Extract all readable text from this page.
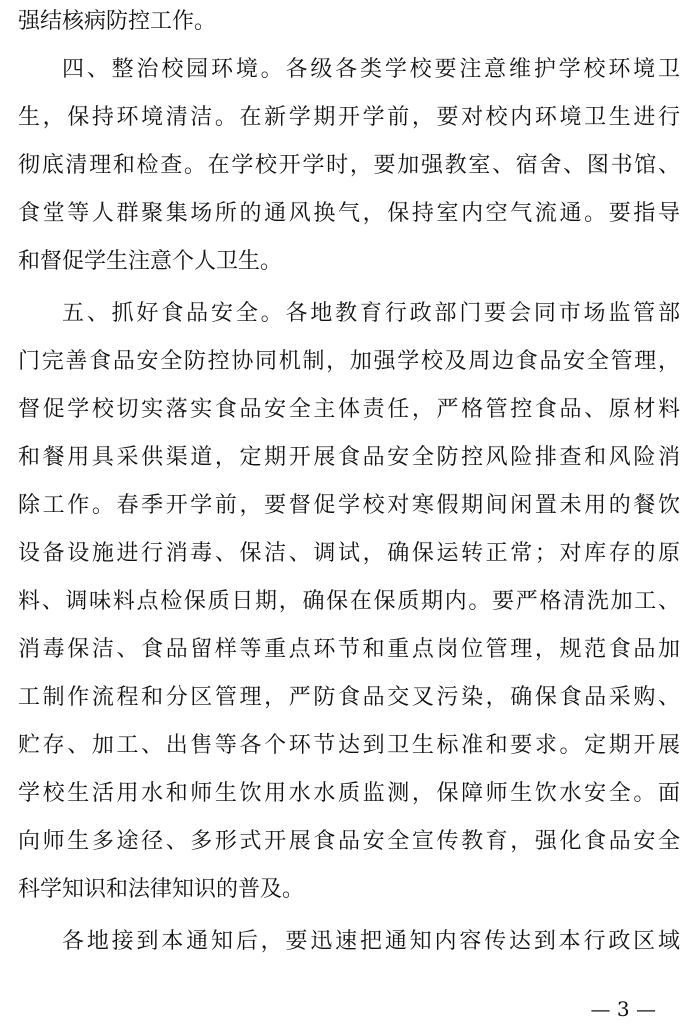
强结核病防控工作。
四、整治校园环境。各级各类学校要注意维护学校环境卫
生，保持环境清洁。在新学期开学前，要对校内环境卫生进行
彻底清理和检查。在学校开学时，要加强教室、宿舍、图书馆、
食堂等人群聚集场所的通风换气，保持室内空气流通。要指导
和督促学生注意个人卫生。
五、抓好食品安全。各地教育行政部门要会同市场监管部
门完善食品安全防控协同机制，加强学校及周边食品安全管理，
督促学校切实落实食品安全主体责任，严格管控食品、原材料
和餐用具采供渠道，定期开展食品安全防控风险排查和风险消
除工作。春季开学前，要督促学校对寒假期间闲置未用的餐饮
设备设施进行消毒、保洁、调试，确保运转正常；对库存的原
料、调味料点检保质日期，确保在保质期内。要严格清洗加工、
消毒保洁、食品留样等重点环节和重点岗位管理，规范食品加
工制作流程和分区管理，严防食品交叉污染，确保食品采购、
贮存、加工、出售等各个环节达到卫生标准和要求。定期开展
学校生活用水和师生饮用水水质监测，保障师生饮水安全。面
向师生多途径、多形式开展食品安全宣传教育，强化食品安全
科学知识和法律知识的普及。
各地接到本通知后，要迅速把通知内容传达到本行政区域
— 3 —
